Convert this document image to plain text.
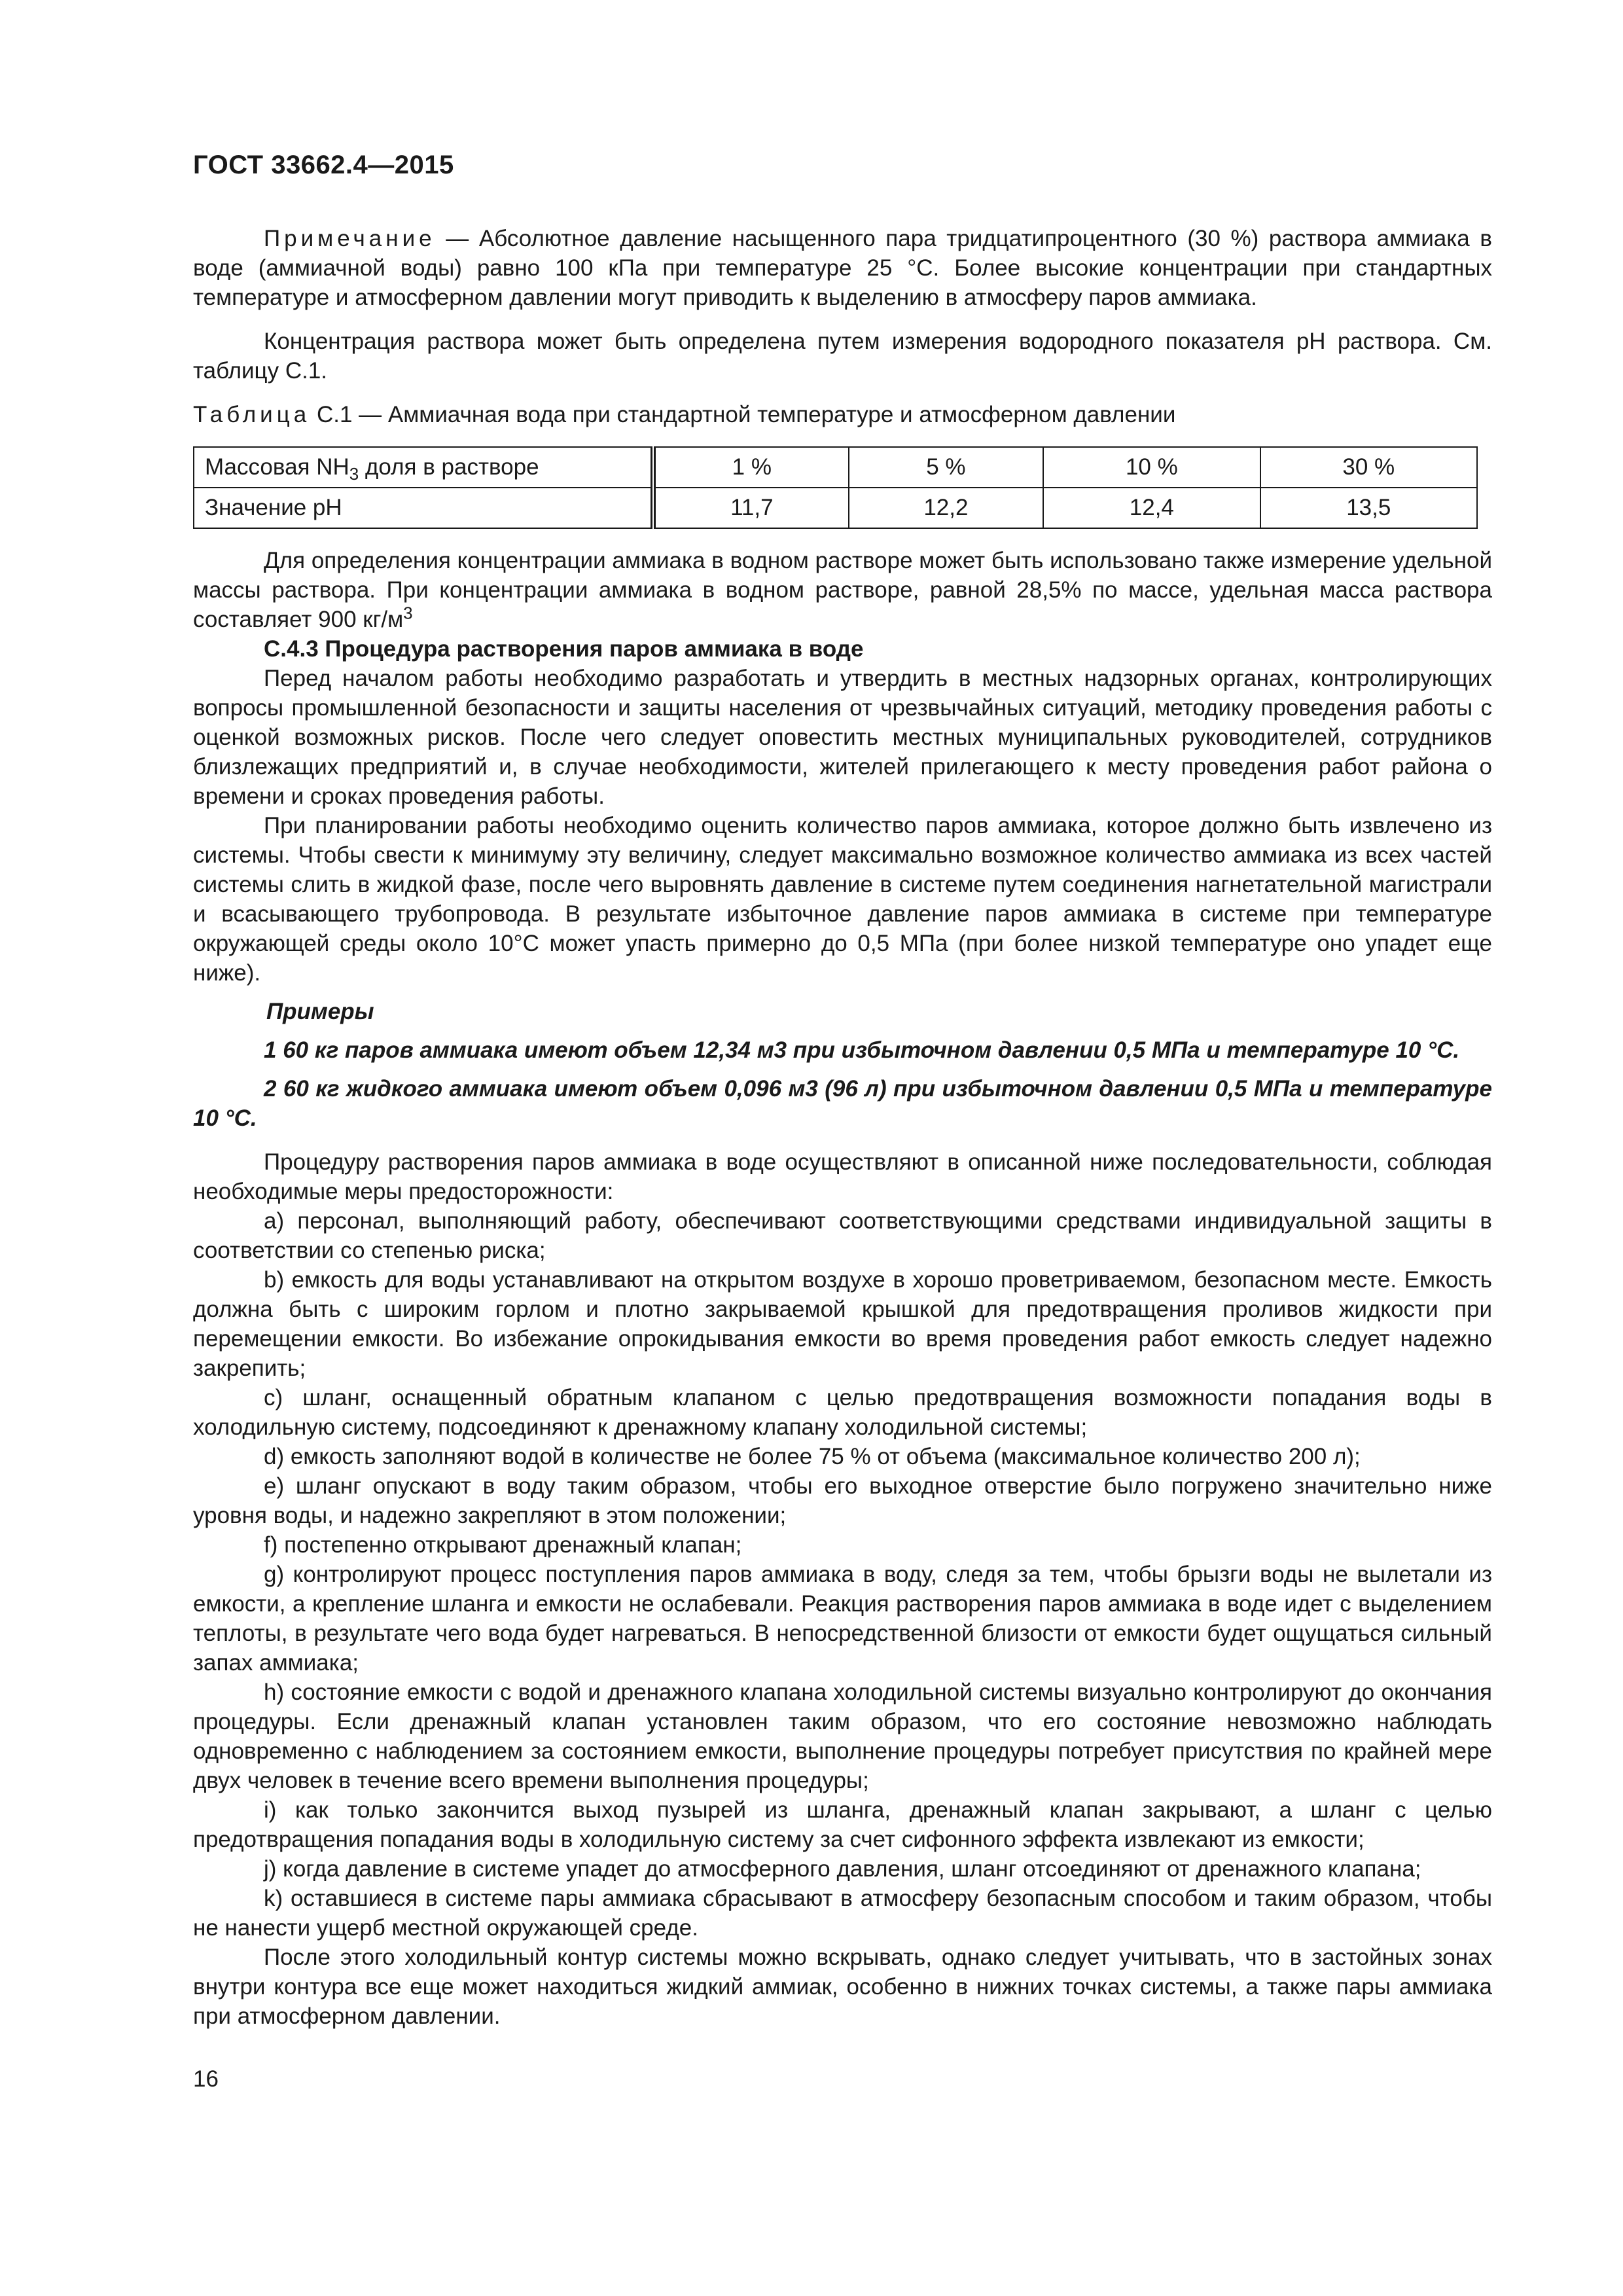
ГОСТ 33662.4—2015

Примечание — Абсолютное давление насыщенного пара тридцатипроцентного (30 %) раствора аммиака в воде (аммиачной воды) равно 100 кПа при температуре 25 °С. Более высокие концентрации при стандартных температуре и атмосферном давлении могут приводить к выделению в атмосферу паров аммиака.

Концентрация раствора может быть определена путем измерения водородного показателя рН раствора. См. таблицу С.1.

Таблица С.1 — Аммиачная вода при стандартной температуре и атмосферном давлении

Массовая $NH_3$ доля в растворе	1 %	5 %	10 %	30 %
Значение рН	11,7	12,2	12,4	13,5

Для определения концентрации аммиака в водном растворе может быть использовано также измерение удельной массы раствора. При концентрации аммиака в водном растворе, равной 28,5% по массе, удельная масса раствора составляет 900 $кг/м^3$

С.4.3 Процедура растворения паров аммиака в воде

Перед началом работы необходимо разработать и утвердить в местных надзорных органах, контролирующих вопросы промышленной безопасности и защиты населения от чрезвычайных ситуаций, методику проведения работы с оценкой возможных рисков. После чего следует оповестить местных муниципальных руководителей, сотрудников близлежащих предприятий и, в случае необходимости, жителей прилегающего к месту проведения работ района о времени и сроках проведения работы.

При планировании работы необходимо оценить количество паров аммиака, которое должно быть извлечено из системы. Чтобы свести к минимуму эту величину, следует максимально возможное количество аммиака из всех частей системы слить в жидкой фазе, после чего выровнять давление в системе путем соединения нагнетательной магистрали и всасывающего трубопровода. В результате избыточное давление паров аммиака в системе при температуре окружающей среды около 10°С может упасть примерно до 0,5 МПа (при более низкой температуре оно упадет еще ниже).

Примеры

1 60 кг паров аммиака имеют объем 12,34 м3 при избыточном давлении 0,5 МПа и температуре 10 °С.

2 60 кг жидкого аммиака имеют объем 0,096 м3 (96 л) при избыточном давлении 0,5 МПа и температуре 10 °С.

Процедуру растворения паров аммиака в воде осуществляют в описанной ниже последовательности, соблюдая необходимые меры предосторожности:

a) персонал, выполняющий работу, обеспечивают соответствующими средствами индивидуальной защиты в соответствии со степенью риска;

b) емкость для воды устанавливают на открытом воздухе в хорошо проветриваемом, безопасном месте. Емкость должна быть с широким горлом и плотно закрываемой крышкой для предотвращения проливов жидкости при перемещении емкости. Во избежание опрокидывания емкости во время проведения работ емкость следует надежно закрепить;

c) шланг, оснащенный обратным клапаном с целью предотвращения возможности попадания воды в холодильную систему, подсоединяют к дренажному клапану холодильной системы;

d) емкость заполняют водой в количестве не более 75 % от объема (максимальное количество 200 л);

e) шланг опускают в воду таким образом, чтобы его выходное отверстие было погружено значительно ниже уровня воды, и надежно закрепляют в этом положении;

f) постепенно открывают дренажный клапан;

g) контролируют процесс поступления паров аммиака в воду, следя за тем, чтобы брызги воды не вылетали из емкости, а крепление шланга и емкости не ослабевали. Реакция растворения паров аммиака в воде идет с выделением теплоты, в результате чего вода будет нагреваться. В непосредственной близости от емкости будет ощущаться сильный запах аммиака;

h) состояние емкости с водой и дренажного клапана холодильной системы визуально контролируют до окончания процедуры. Если дренажный клапан установлен таким образом, что его состояние невозможно наблюдать одновременно с наблюдением за состоянием емкости, выполнение процедуры потребует присутствия по крайней мере двух человек в течение всего времени выполнения процедуры;

i) как только закончится выход пузырей из шланга, дренажный клапан закрывают, а шланг с целью предотвращения попадания воды в холодильную систему за счет сифонного эффекта извлекают из емкости;

j) когда давление в системе упадет до атмосферного давления, шланг отсоединяют от дренажного клапана;

k) оставшиеся в системе пары аммиака сбрасывают в атмосферу безопасным способом и таким образом, чтобы не нанести ущерб местной окружающей среде.

После этого холодильный контур системы можно вскрывать, однако следует учитывать, что в застойных зонах внутри контура все еще может находиться жидкий аммиак, особенно в нижних точках системы, а также пары аммиака при атмосферном давлении.

16
